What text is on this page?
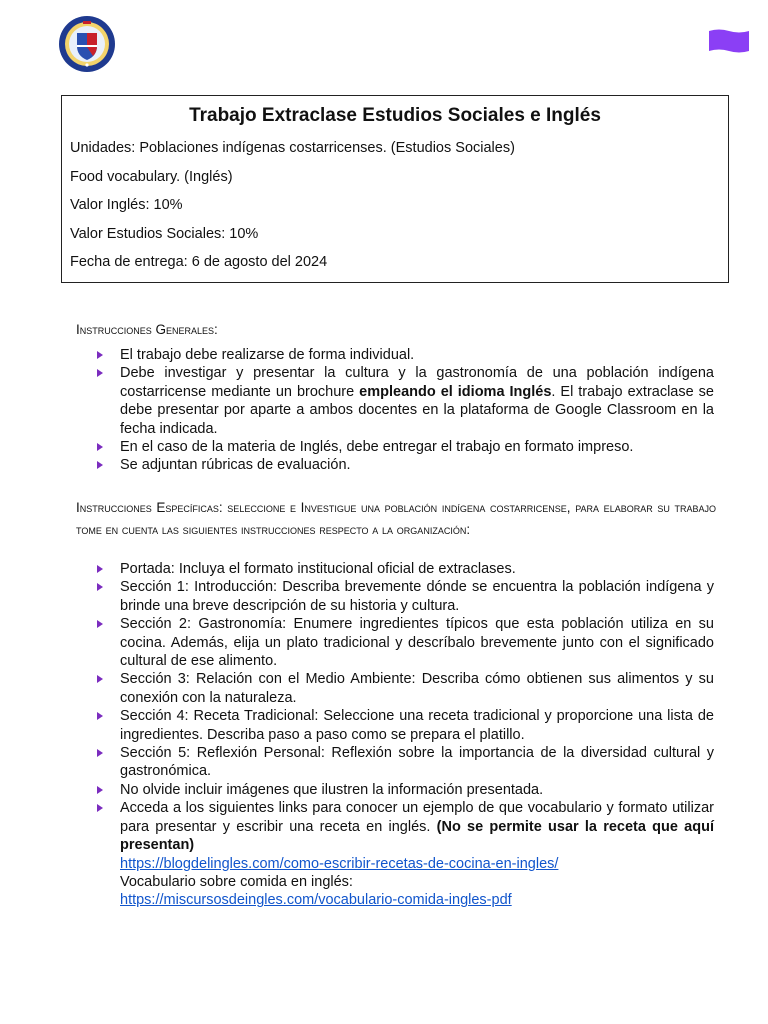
Trabajo Extraclase Estudios Sociales e Inglés
Unidades: Poblaciones indígenas costarricenses. (Estudios Sociales)
Food vocabulary. (Inglés)
Valor Inglés: 10%
Valor Estudios Sociales: 10%
Fecha de entrega: 6 de agosto del 2024
Instrucciones Generales:
El trabajo debe realizarse de forma individual.
Debe investigar y presentar la cultura y la gastronomía de una población indígena costarricense mediante un brochure empleando el idioma Inglés. El trabajo extraclase se debe presentar por aparte a ambos docentes en la plataforma de Google Classroom en la fecha indicada.
En el caso de la materia de Inglés, debe entregar el trabajo en formato impreso.
Se adjuntan rúbricas de evaluación.
Instrucciones Específicas: seleccione e Investigue una población indígena costarricense, para elaborar su trabajo tome en cuenta las siguientes instrucciones respecto a la organización:
Portada: Incluya el formato institucional oficial de extraclases.
Sección 1: Introducción: Describa brevemente dónde se encuentra la población indígena y brinde una breve descripción de su historia y cultura.
Sección 2: Gastronomía: Enumere ingredientes típicos que esta población utiliza en su cocina. Además, elija un plato tradicional y descríbalo brevemente junto con el significado cultural de ese alimento.
Sección 3: Relación con el Medio Ambiente: Describa cómo obtienen sus alimentos y su conexión con la naturaleza.
Sección 4: Receta Tradicional: Seleccione una receta tradicional y proporcione una lista de ingredientes. Describa paso a paso como se prepara el platillo.
Sección 5: Reflexión Personal: Reflexión sobre la importancia de la diversidad cultural y gastronómica.
No olvide incluir imágenes que ilustren la información presentada.
Acceda a los siguientes links para conocer un ejemplo de que vocabulario y formato utilizar para presentar y escribir una receta en inglés. (No se permite usar la receta que aquí presentan)
https://blogdelingles.com/como-escribir-recetas-de-cocina-en-ingles/
Vocabulario sobre comida en inglés:
https://miscursosdeingles.com/vocabulario-comida-ingles-pdf
